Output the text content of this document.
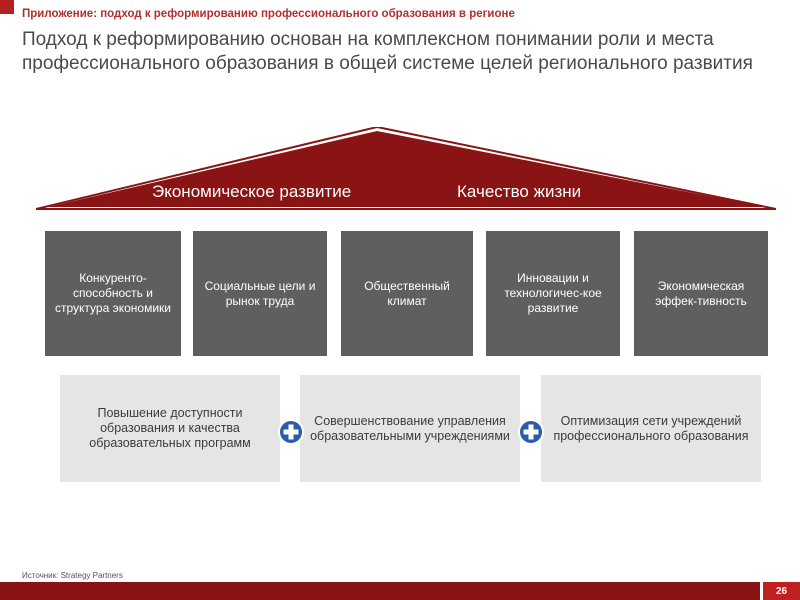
Приложение: подход к реформированию профессионального образования в регионе
Подход к реформированию основан на комплексном понимании роли и места профессионального образования в общей системе целей регионального развития
Экономическое развитие	Качество жизни
Конкуренто-способность и структура экономики
Социальные цели и рынок труда
Общественный климат
Инновации и технологичес-кое развитие
Экономическая эффек-тивность
Повышение доступности образования и качества образовательных программ
Совершенствование управления образовательными учреждениями
Оптимизация сети учреждений профессионального образования
Источник: Strategy Partners
26
